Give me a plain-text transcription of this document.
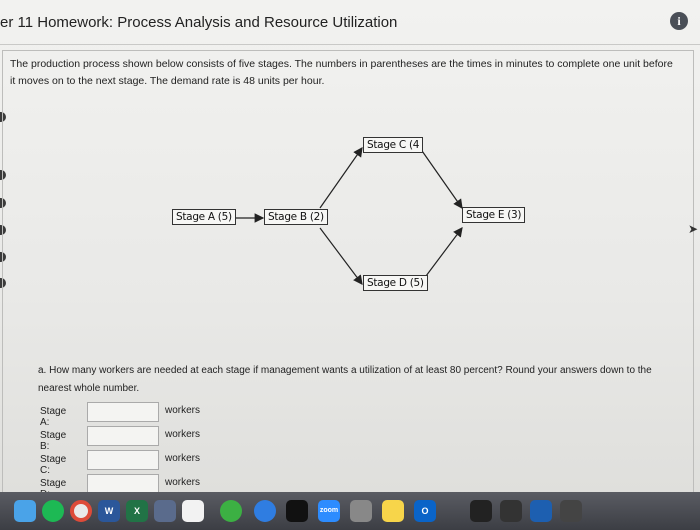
er 11 Homework: Process Analysis and Resource Utilization	i
The production process shown below consists of five stages. The numbers in parentheses are the times in minutes to complete one unit before it moves on to the next stage. The demand rate is 48 units per hour.
Stage A (5)	Stage B (2)
Stage C (4
Stage D (5)
Stage E (3)
a. How many workers are needed at each stage if management wants a utilization of at least 80 percent? Round your answers down to the nearest whole number.
Stage A:
workers
Stage B:
workers
Stage C:
workers
Stage	workers
➤
W	X	zoom	O
